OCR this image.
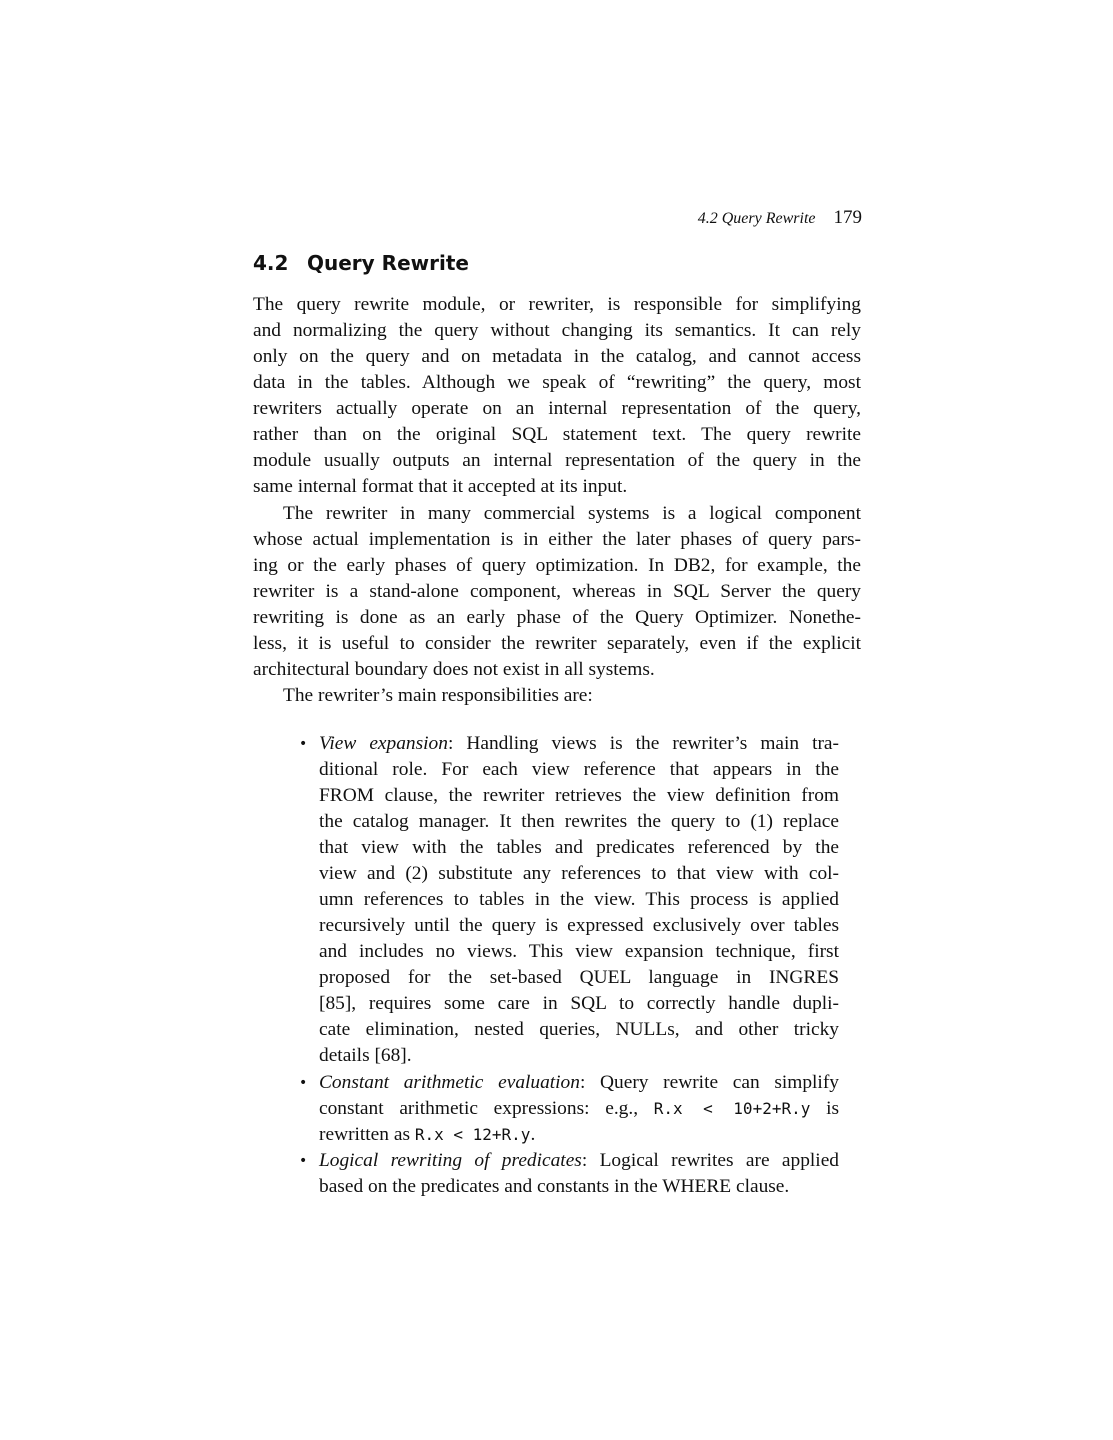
4.2 Query Rewrite 179
4.2 Query Rewrite
The query rewrite module, or rewriter, is responsible for simplifying
and normalizing the query without changing its semantics. It can rely
only on the query and on metadata in the catalog, and cannot access
data in the tables. Although we speak of “rewriting” the query, most
rewriters actually operate on an internal representation of the query,
rather than on the original SQL statement text. The query rewrite
module usually outputs an internal representation of the query in the
same internal format that it accepted at its input.
The rewriter in many commercial systems is a logical component
whose actual implementation is in either the later phases of query pars-
ing or the early phases of query optimization. In DB2, for example, the
rewriter is a stand-alone component, whereas in SQL Server the query
rewriting is done as an early phase of the Query Optimizer. Nonethe-
less, it is useful to consider the rewriter separately, even if the explicit
architectural boundary does not exist in all systems.
The rewriter’s main responsibilities are:
• View expansion: Handling views is the rewriter’s main tra-
ditional role. For each view reference that appears in the
FROM clause, the rewriter retrieves the view definition from
the catalog manager. It then rewrites the query to (1) replace
that view with the tables and predicates referenced by the
view and (2) substitute any references to that view with col-
umn references to tables in the view. This process is applied
recursively until the query is expressed exclusively over tables
and includes no views. This view expansion technique, first
proposed for the set-based QUEL language in INGRES
[85], requires some care in SQL to correctly handle dupli-
cate elimination, nested queries, NULLs, and other tricky
details [68].
• Constant arithmetic evaluation: Query rewrite can simplify
constant arithmetic expressions: e.g., R.x < 10+2+R.y is
rewritten as R.x < 12+R.y.
• Logical rewriting of predicates: Logical rewrites are applied
based on the predicates and constants in the WHERE clause.
